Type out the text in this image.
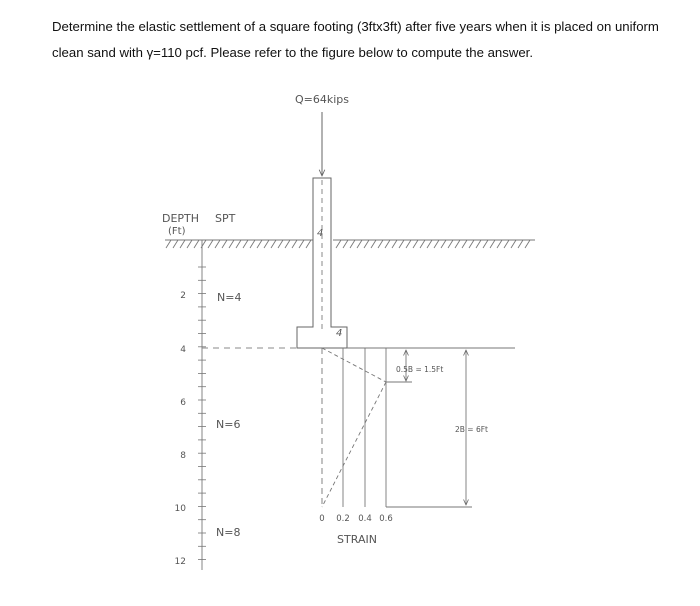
Determine the elastic settlement of a square footing (3ftx3ft) after five years when it is placed on uniform

clean sand with γ=110 pcf. Please refer to the figure below to compute the answer.

Q=64kips
DEPTH
(Ft)
SPT
2
4
6
8
10
12
N=4
N=6
N=8
4
4
0 0.2 0.4 0.6
STRAIN
0.5B = 1.5Ft
2B = 6Ft
